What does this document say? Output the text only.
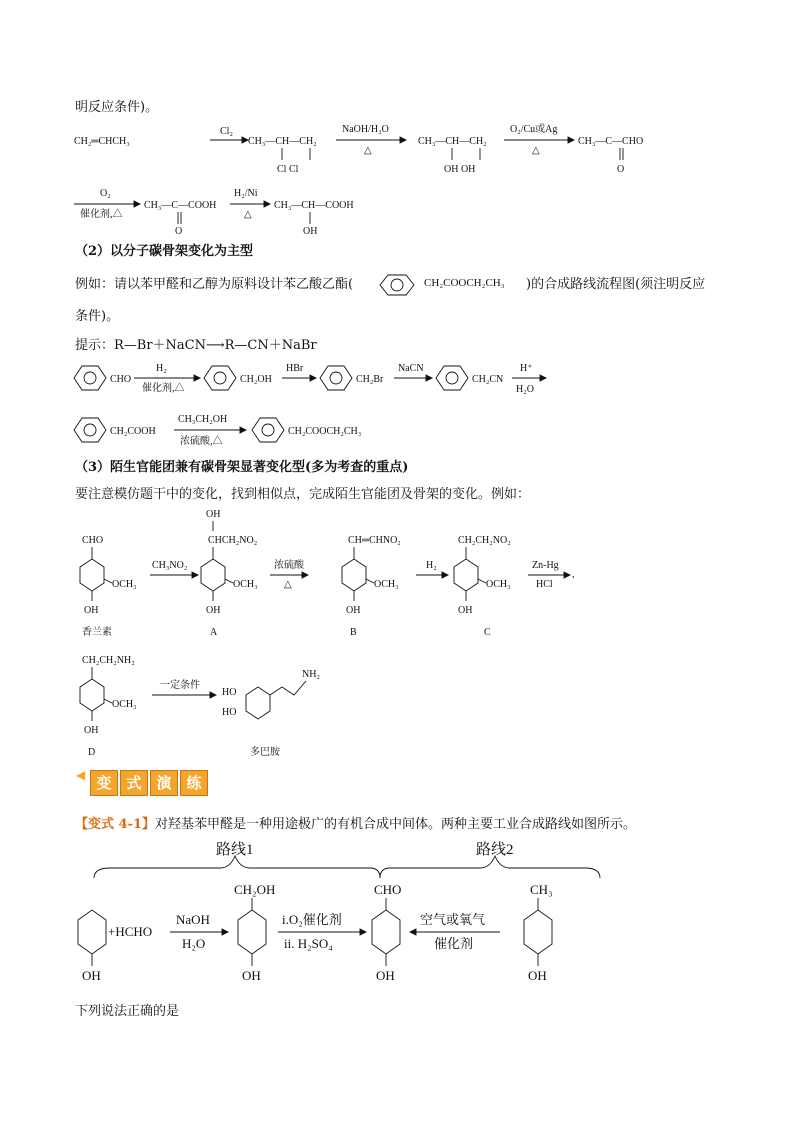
明反应条件)。
CH₂═CHCH₃
Cl₂
CH₃—CH—CH₂
Cl Cl
NaOH/H₂O
△
CH₃—CH—CH₂
OH OH
O₂/Cu或Ag
△
CH₃—C—CHO
O
O₂
催化剂,△
CH₃—C—COOH
O
H₂/Ni
△
CH₃—CH—COOH
OH
（2）以分子碳骨架变化为主型
例如：请以苯甲醛和乙醇为原料设计苯乙酸乙酯(	CH₂COOCH₂CH₃ )的合成路线流程图(须注明反应
条件)。
提示：R—Br＋NaCN⟶R—CN＋NaBr
CHO
H₂
催化剂,△
CH₂OH
HBr
CH₂Br
NaCN
CH₂CN
H⁺
H₂O
CH₂COOH
CH₃CH₂OH
浓硫酸,△
CH₂COOCH₂CH₃
（3）陌生官能团兼有碳骨架显著变化型(多为考查的重点)
要注意模仿题干中的变化，找到相似点，完成陌生官能团及骨架的变化。例如：
CHO
OCH₃
OH
香兰素
CH₃NO₂
OH
CHCH₂NO₂
OCH₃
OH
A
浓硫酸
△
CH═CHNO₂
OCH₃
OH
B
H₂
CH₂CH₂NO₂
OCH₃
OH
C
Zn-Hg
HCl
,
CH₂CH₂NH₂
OCH₃
OH
D
一定条件
HO
HO
NH₂
多巴胺
◀ 变 式 演 练
【变式 4-1】对羟基苯甲醛是一种用途极广的有机合成中间体。两种主要工业合成路线如图所示。
路线1	路线2
OH
+HCHO
NaOH
H₂O
CH₂OH
OH
i.O₂催化剂
ii. H₂SO₄
CHO
OH
空气或氧气
催化剂
CH₃
OH
下列说法正确的是
